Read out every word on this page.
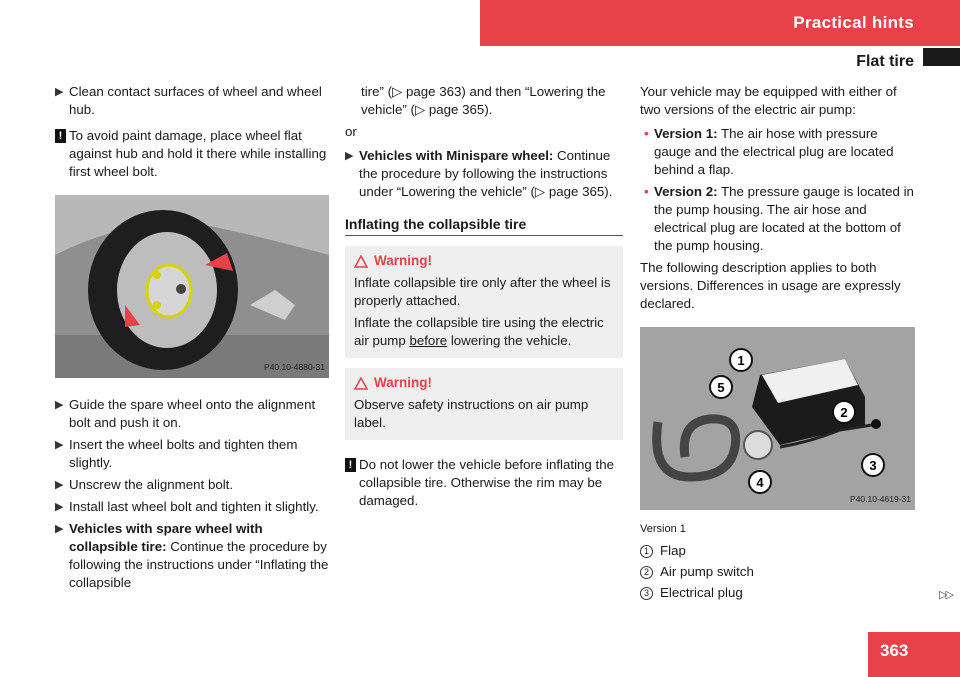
Practical hints
Flat tire
▶ Clean contact surfaces of wheel and wheel hub.
! To avoid paint damage, place wheel flat against hub and hold it there while installing first wheel bolt.
P40.10-4880-31
▶ Guide the spare wheel onto the alignment bolt and push it on.
▶ Insert the wheel bolts and tighten them slightly.
▶ Unscrew the alignment bolt.
▶ Install last wheel bolt and tighten it slightly.
▶ Vehicles with spare wheel with collapsible tire: Continue the procedure by following the instructions under “Inflating the collapsible
tire” (▷ page 363) and then “Lowering the vehicle” (▷ page 365).
or
▶ Vehicles with Minispare wheel: Continue the procedure by following the instructions under “Lowering the vehicle” (▷ page 365).
Inflating the collapsible tire
Warning!

Inflate collapsible tire only after the wheel is properly attached.

Inflate the collapsible tire using the electric air pump before lowering the vehicle.

Warning!

Observe safety instructions on air pump label.

! Do not lower the vehicle before inflating the collapsible tire. Otherwise the rim may be damaged.
Your vehicle may be equipped with either of two versions of the electric air pump:
• Version 1: The air hose with pressure gauge and the electrical plug are located behind a flap.
• Version 2: The pressure gauge is located in the pump housing. The air hose and electrical plug are located at the bottom of the pump housing.
The following description applies to both versions. Differences in usage are expressly declared.
1
2
3
4
5
P40.10-4619-31
Version 1
1 Flap
2 Air pump switch
3 Electrical plug	▷▷
363
